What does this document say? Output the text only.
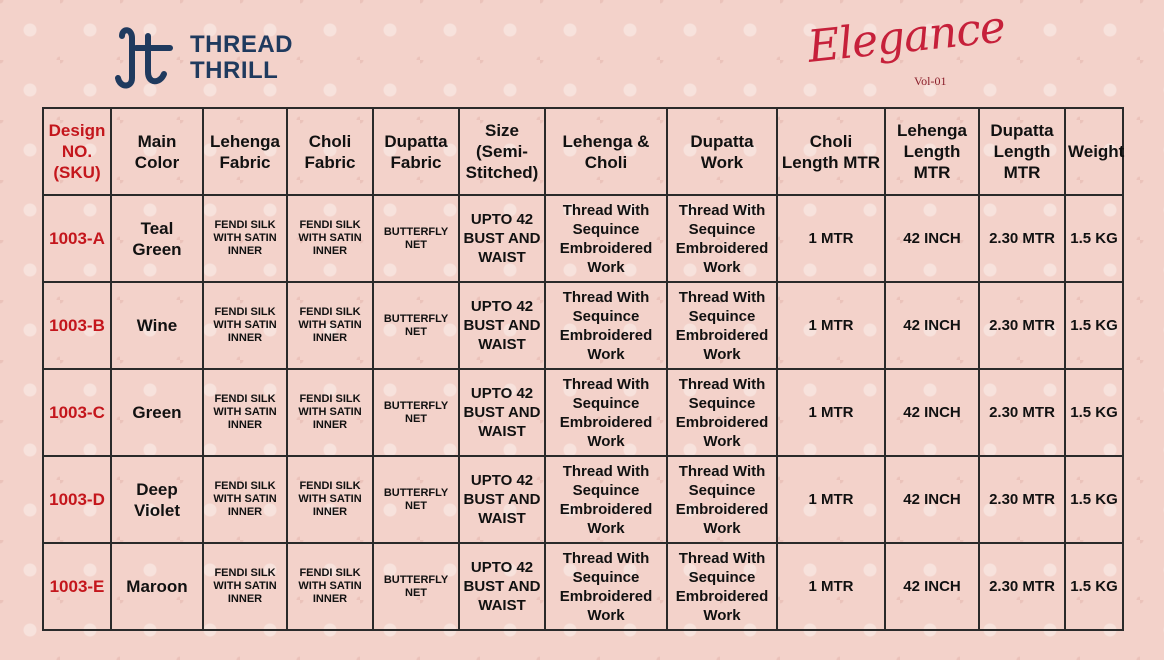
THREAD
THRILL	Elegance
Vol-01
Design NO. (SKU)	Main Color	Lehenga Fabric	Choli Fabric	Dupatta Fabric	Size (Semi-Stitched)	Lehenga & Choli	Dupatta Work	Choli Length MTR	Lehenga Length MTR	Dupatta Length MTR	Weight
1003-A	Teal Green	FENDI SILK WITH SATIN INNER	FENDI SILK WITH SATIN INNER	BUTTERFLY NET	UPTO 42 BUST AND WAIST	Thread With Sequince Embroidered Work	Thread With Sequince Embroidered Work	1 MTR	42 INCH	2.30 MTR	1.5 KG
1003-B	Wine	FENDI SILK WITH SATIN INNER	FENDI SILK WITH SATIN INNER	BUTTERFLY NET	UPTO 42 BUST AND WAIST	Thread With Sequince Embroidered Work	Thread With Sequince Embroidered Work	1 MTR	42 INCH	2.30 MTR	1.5 KG
1003-C	Green	FENDI SILK WITH SATIN INNER	FENDI SILK WITH SATIN INNER	BUTTERFLY NET	UPTO 42 BUST AND WAIST	Thread With Sequince Embroidered Work	Thread With Sequince Embroidered Work	1 MTR	42 INCH	2.30 MTR	1.5 KG
1003-D	Deep Violet	FENDI SILK WITH SATIN INNER	FENDI SILK WITH SATIN INNER	BUTTERFLY NET	UPTO 42 BUST AND WAIST	Thread With Sequince Embroidered Work	Thread With Sequince Embroidered Work	1 MTR	42 INCH	2.30 MTR	1.5 KG
1003-E	Maroon	FENDI SILK WITH SATIN INNER	FENDI SILK WITH SATIN INNER	BUTTERFLY NET	UPTO 42 BUST AND WAIST	Thread With Sequince Embroidered Work	Thread With Sequince Embroidered Work	1 MTR	42 INCH	2.30 MTR	1.5 KG
